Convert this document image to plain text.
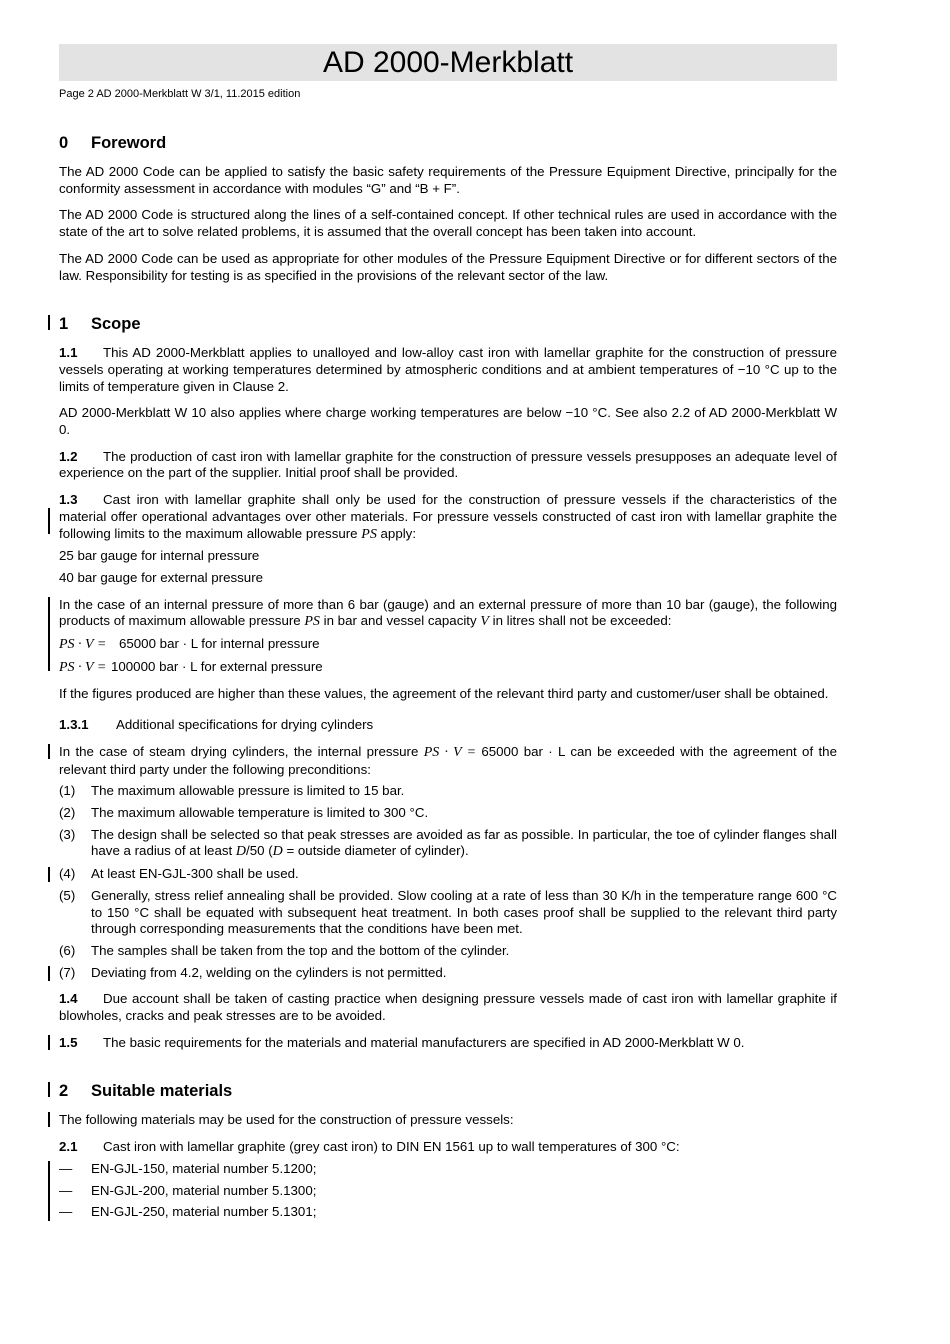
AD 2000-Merkblatt
Page 2 AD 2000-Merkblatt W 3/1, 11.2015 edition
0 Foreword

The AD 2000 Code can be applied to satisfy the basic safety requirements of the Pressure Equipment Directive, principally for the conformity assessment in accordance with modules “G” and “B + F”.

The AD 2000 Code is structured along the lines of a self-contained concept. If other technical rules are used in accordance with the state of the art to solve related problems, it is assumed that the overall concept has been taken into account.

The AD 2000 Code can be used as appropriate for other modules of the Pressure Equipment Directive or for different sectors of the law. Responsibility for testing is as specified in the provisions of the relevant sector of the law.

1 Scope

1.1 This AD 2000-Merkblatt applies to unalloyed and low-alloy cast iron with lamellar graphite for the construction of pressure vessels operating at working temperatures determined by atmospheric conditions and at ambient temperatures of −10 °C up to the limits of temperature given in Clause 2.

AD 2000-Merkblatt W 10 also applies where charge working temperatures are below −10 °C. See also 2.2 of AD 2000-Merkblatt W 0.

1.2 The production of cast iron with lamellar graphite for the construction of pressure vessels presupposes an adequate level of experience on the part of the supplier. Initial proof shall be provided.

1.3 Cast iron with lamellar graphite shall only be used for the construction of pressure vessels if the characteristics of the material offer operational advantages over other materials. For pressure vessels constructed of cast iron with lamellar graphite the following limits to the maximum allowable pressure PS apply:

25 bar gauge for internal pressure

40 bar gauge for external pressure

In the case of an internal pressure of more than 6 bar (gauge) and an external pressure of more than 10 bar (gauge), the following products of maximum allowable pressure PS in bar and vessel capacity V in litres shall not be exceeded:

PS · V = 65000 bar · L for internal pressure

PS · V = 100000 bar · L for external pressure

If the figures produced are higher than these values, the agreement of the relevant third party and customer/user shall be obtained.

1.3.1 Additional specifications for drying cylinders

In the case of steam drying cylinders, the internal pressure PS · V = 65000 bar · L can be exceeded with the agreement of the relevant third party under the following preconditions:

(1)	The maximum allowable pressure is limited to 15 bar.
(2)	The maximum allowable temperature is limited to 300 °C.
(3)	The design shall be selected so that peak stresses are avoided as far as possible. In particular, the toe of cylinder flanges shall have a radius of at least D/50 (D = outside diameter of cylinder).
(4)	At least EN-GJL-300 shall be used.
(5)	Generally, stress relief annealing shall be provided. Slow cooling at a rate of less than 30 K/h in the temperature range 600 °C to 150 °C shall be equated with subsequent heat treatment. In both cases proof shall be supplied to the relevant third party through corresponding measurements that the conditions have been met.
(6)	The samples shall be taken from the top and the bottom of the cylinder.
(7)	Deviating from 4.2, welding on the cylinders is not permitted.

1.4 Due account shall be taken of casting practice when designing pressure vessels made of cast iron with lamellar graphite if blowholes, cracks and peak stresses are to be avoided.

1.5 The basic requirements for the materials and material manufacturers are specified in AD 2000-Merkblatt W 0.

2 Suitable materials

The following materials may be used for the construction of pressure vessels:

2.1 Cast iron with lamellar graphite (grey cast iron) to DIN EN 1561 up to wall temperatures of 300 °C:

— EN-GJL-150, material number 5.1200;

— EN-GJL-200, material number 5.1300;

— EN-GJL-250, material number 5.1301;
